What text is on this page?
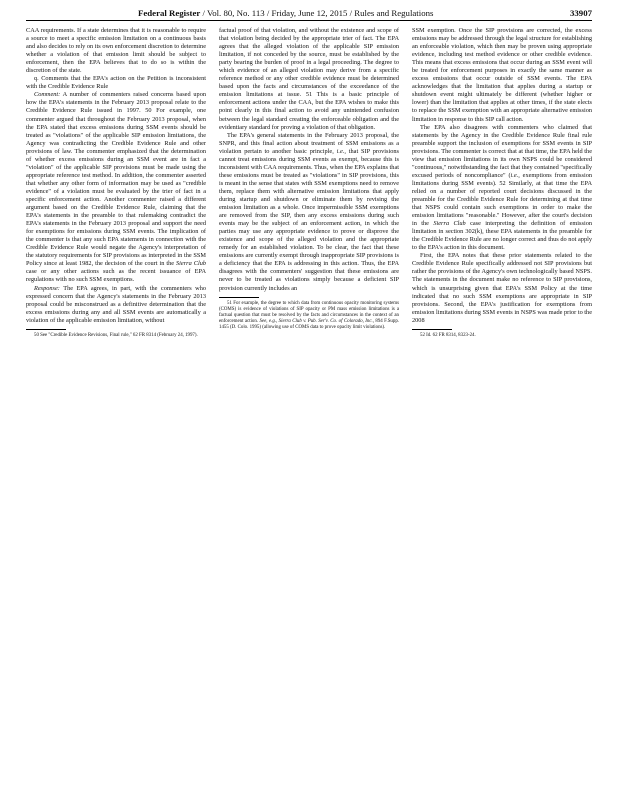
Federal Register / Vol. 80, No. 113 / Friday, June 12, 2015 / Rules and Regulations	33907

CAA requirements. If a state determines that it is reasonable to require a source to meet a specific emission limitation on a continuous basis and also decides to rely on its own enforcement discretion to determine whether a violation of that emission limit should be subject to enforcement, then the EPA believes that to do so is within the discretion of the state.

q. Comments that the EPA's action on the Petition is inconsistent with the Credible Evidence Rule

Comment: A number of commenters raised concerns based upon how the EPA's statements in the February 2013 proposal relate to the Credible Evidence Rule issued in 1997. 50 For example, one commenter argued that throughout the February 2013 proposal, when the EPA stated that excess emissions during SSM events should be treated as "violations" of the applicable SIP emission limitations, the Agency was contradicting the Credible Evidence Rule and other provisions of law. The commenter emphasized that the determination of whether excess emissions during an SSM event are in fact a "violation" of the applicable SIP provisions must be made using the appropriate reference test method. In addition, the commenter asserted that whether any other form of information may be used as "credible evidence" of a violation must be evaluated by the trier of fact in a specific enforcement action. Another commenter raised a different argument based on the Credible Evidence Rule, claiming that the EPA's statements in the preamble to that rulemaking contradict the EPA's statements in the February 2013 proposal and support the need for exemptions for emissions during SSM events. The implication of the commenter is that any such EPA statements in connection with the Credible Evidence Rule would negate the Agency's interpretation of the statutory requirements for SIP provisions as interpreted in the SSM Policy since at least 1982, the decision of the court in the Sierra Club case or any other actions such as the recent issuance of EPA regulations with no such SSM exemptions.

Response: The EPA agrees, in part, with the commenters who expressed concern that the Agency's statements in the February 2013 proposal could be misconstrued as a definitive determination that the excess emissions during any and all SSM events are automatically a violation of the applicable emission limitation, without

50 See "Credible Evidence Revisions, Final rule," 62 FR 8314 (February 24, 1997).

factual proof of that violation, and without the existence and scope of that violation being decided by the appropriate trier of fact. The EPA agrees that the alleged violation of the applicable SIP emission limitation, if not conceded by the source, must be established by the party bearing the burden of proof in a legal proceeding. The degree to which evidence of an alleged violation may derive from a specific reference method or any other credible evidence must be determined based upon the facts and circumstances of the exceedance of the emission limitations at issue. 51 This is a basic principle of enforcement actions under the CAA, but the EPA wishes to make this point clearly in this final action to avoid any unintended confusion between the legal standard creating the enforceable obligation and the evidentiary standard for proving a violation of that obligation.

The EPA's general statements in the February 2013 proposal, the SNPR, and this final action about treatment of SSM emissions as a violation pertain to another basic principle, i.e., that SIP provisions cannot treat emissions during SSM events as exempt, because this is inconsistent with CAA requirements. Thus, when the EPA explains that these emissions must be treated as "violations" in SIP provisions, this is meant in the sense that states with SSM exemptions need to remove them, replace them with alternative emission limitations that apply during startup and shutdown or eliminate them by revising the emission limitation as a whole. Once impermissible SSM exemptions are removed from the SIP, then any excess emissions during such events may be the subject of an enforcement action, in which the parties may use any appropriate evidence to prove or disprove the existence and scope of the alleged violation and the appropriate remedy for an established violation. To be clear, the fact that these emissions are currently exempt through inappropriate SIP provisions is a deficiency that the EPA is addressing in this action. Thus, the EPA disagrees with the commenters' suggestion that these emissions are never to be treated as violations simply because a deficient SIP provision currently includes an

51 For example, the degree to which data from continuous opacity monitoring systems (COMS) is evidence of violations of SIP opacity or PM mass emission limitations is a factual question that must be resolved by the facts and circumstances in the context of an enforcement action. See, e.g., Sierra Club v. Pub. Ser'v. Co. of Colorado, Inc., 894 F.Supp. 1455 (D. Colo. 1995) (allowing use of COMS data to prove opacity limit violations).

SSM exemption. Once the SIP provisions are corrected, the excess emissions may be addressed through the legal structure for establishing an enforceable violation, which then may be proven using appropriate evidence, including test method evidence or other credible evidence. This means that excess emissions that occur during an SSM event will be treated for enforcement purposes in exactly the same manner as excess emissions that occur outside of SSM events. The EPA acknowledges that the limitation that applies during a startup or shutdown event might ultimately be different (whether higher or lower) than the limitation that applies at other times, if the state elects to replace the SSM exemption with an appropriate alternative emission limitation in response to this SIP call action.

The EPA also disagrees with commenters who claimed that statements by the Agency in the Credible Evidence Rule final rule preamble support the inclusion of exemptions for SSM events in SIP provisions. The commenter is correct that at that time, the EPA held the view that emission limitations in its own NSPS could be considered "continuous," notwithstanding the fact that they contained "specifically excused periods of noncompliance" (i.e., exemptions from emission limitations during SSM events). 52 Similarly, at that time the EPA relied on a number of reported court decisions discussed in the preamble for the Credible Evidence Rule for determining at that time that NSPS could contain such exemptions in order to make the emission limitations "reasonable." However, after the court's decision in the Sierra Club case interpreting the definition of emission limitation in section 302(k), these EPA statements in the preamble for the Credible Evidence Rule are no longer correct and thus do not apply to the EPA's action in this document.

First, the EPA notes that these prior statements related to the Credible Evidence Rule specifically addressed not SIP provisions but rather the provisions of the Agency's own technologically based NSPS. The statements in the document make no reference to SIP provisions, which is unsurprising given that EPA's SSM Policy at the time indicated that no such SSM exemptions are appropriate in SIP provisions. Second, the EPA's justification for exemptions from emission limitations during SSM events in NSPS was made prior to the 2008

52 Id. 62 FR 8314, 8323-24.
